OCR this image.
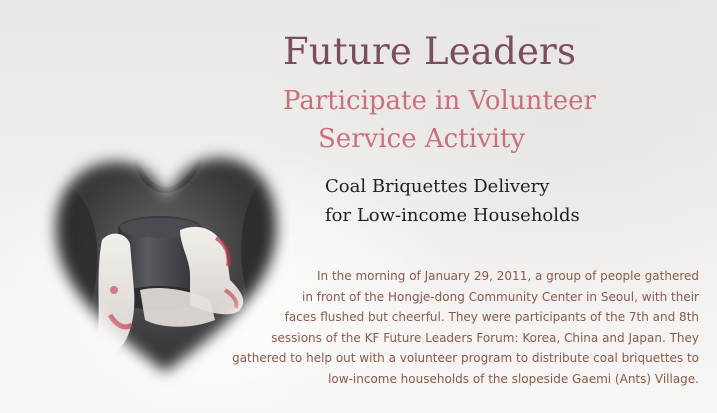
Future Leaders
Participate in Volunteer
Service Activity
Coal Briquettes Delivery
for Low-income Households
In the morning of January 29, 2011, a group of people gathered
in front of the Hongje-dong Community Center in Seoul, with their
faces flushed but cheerful. They were participants of the 7th and 8th
sessions of the KF Future Leaders Forum: Korea, China and Japan. They
gathered to help out with a volunteer program to distribute coal briquettes to
low-income households of the slopeside Gaemi (Ants) Village.
